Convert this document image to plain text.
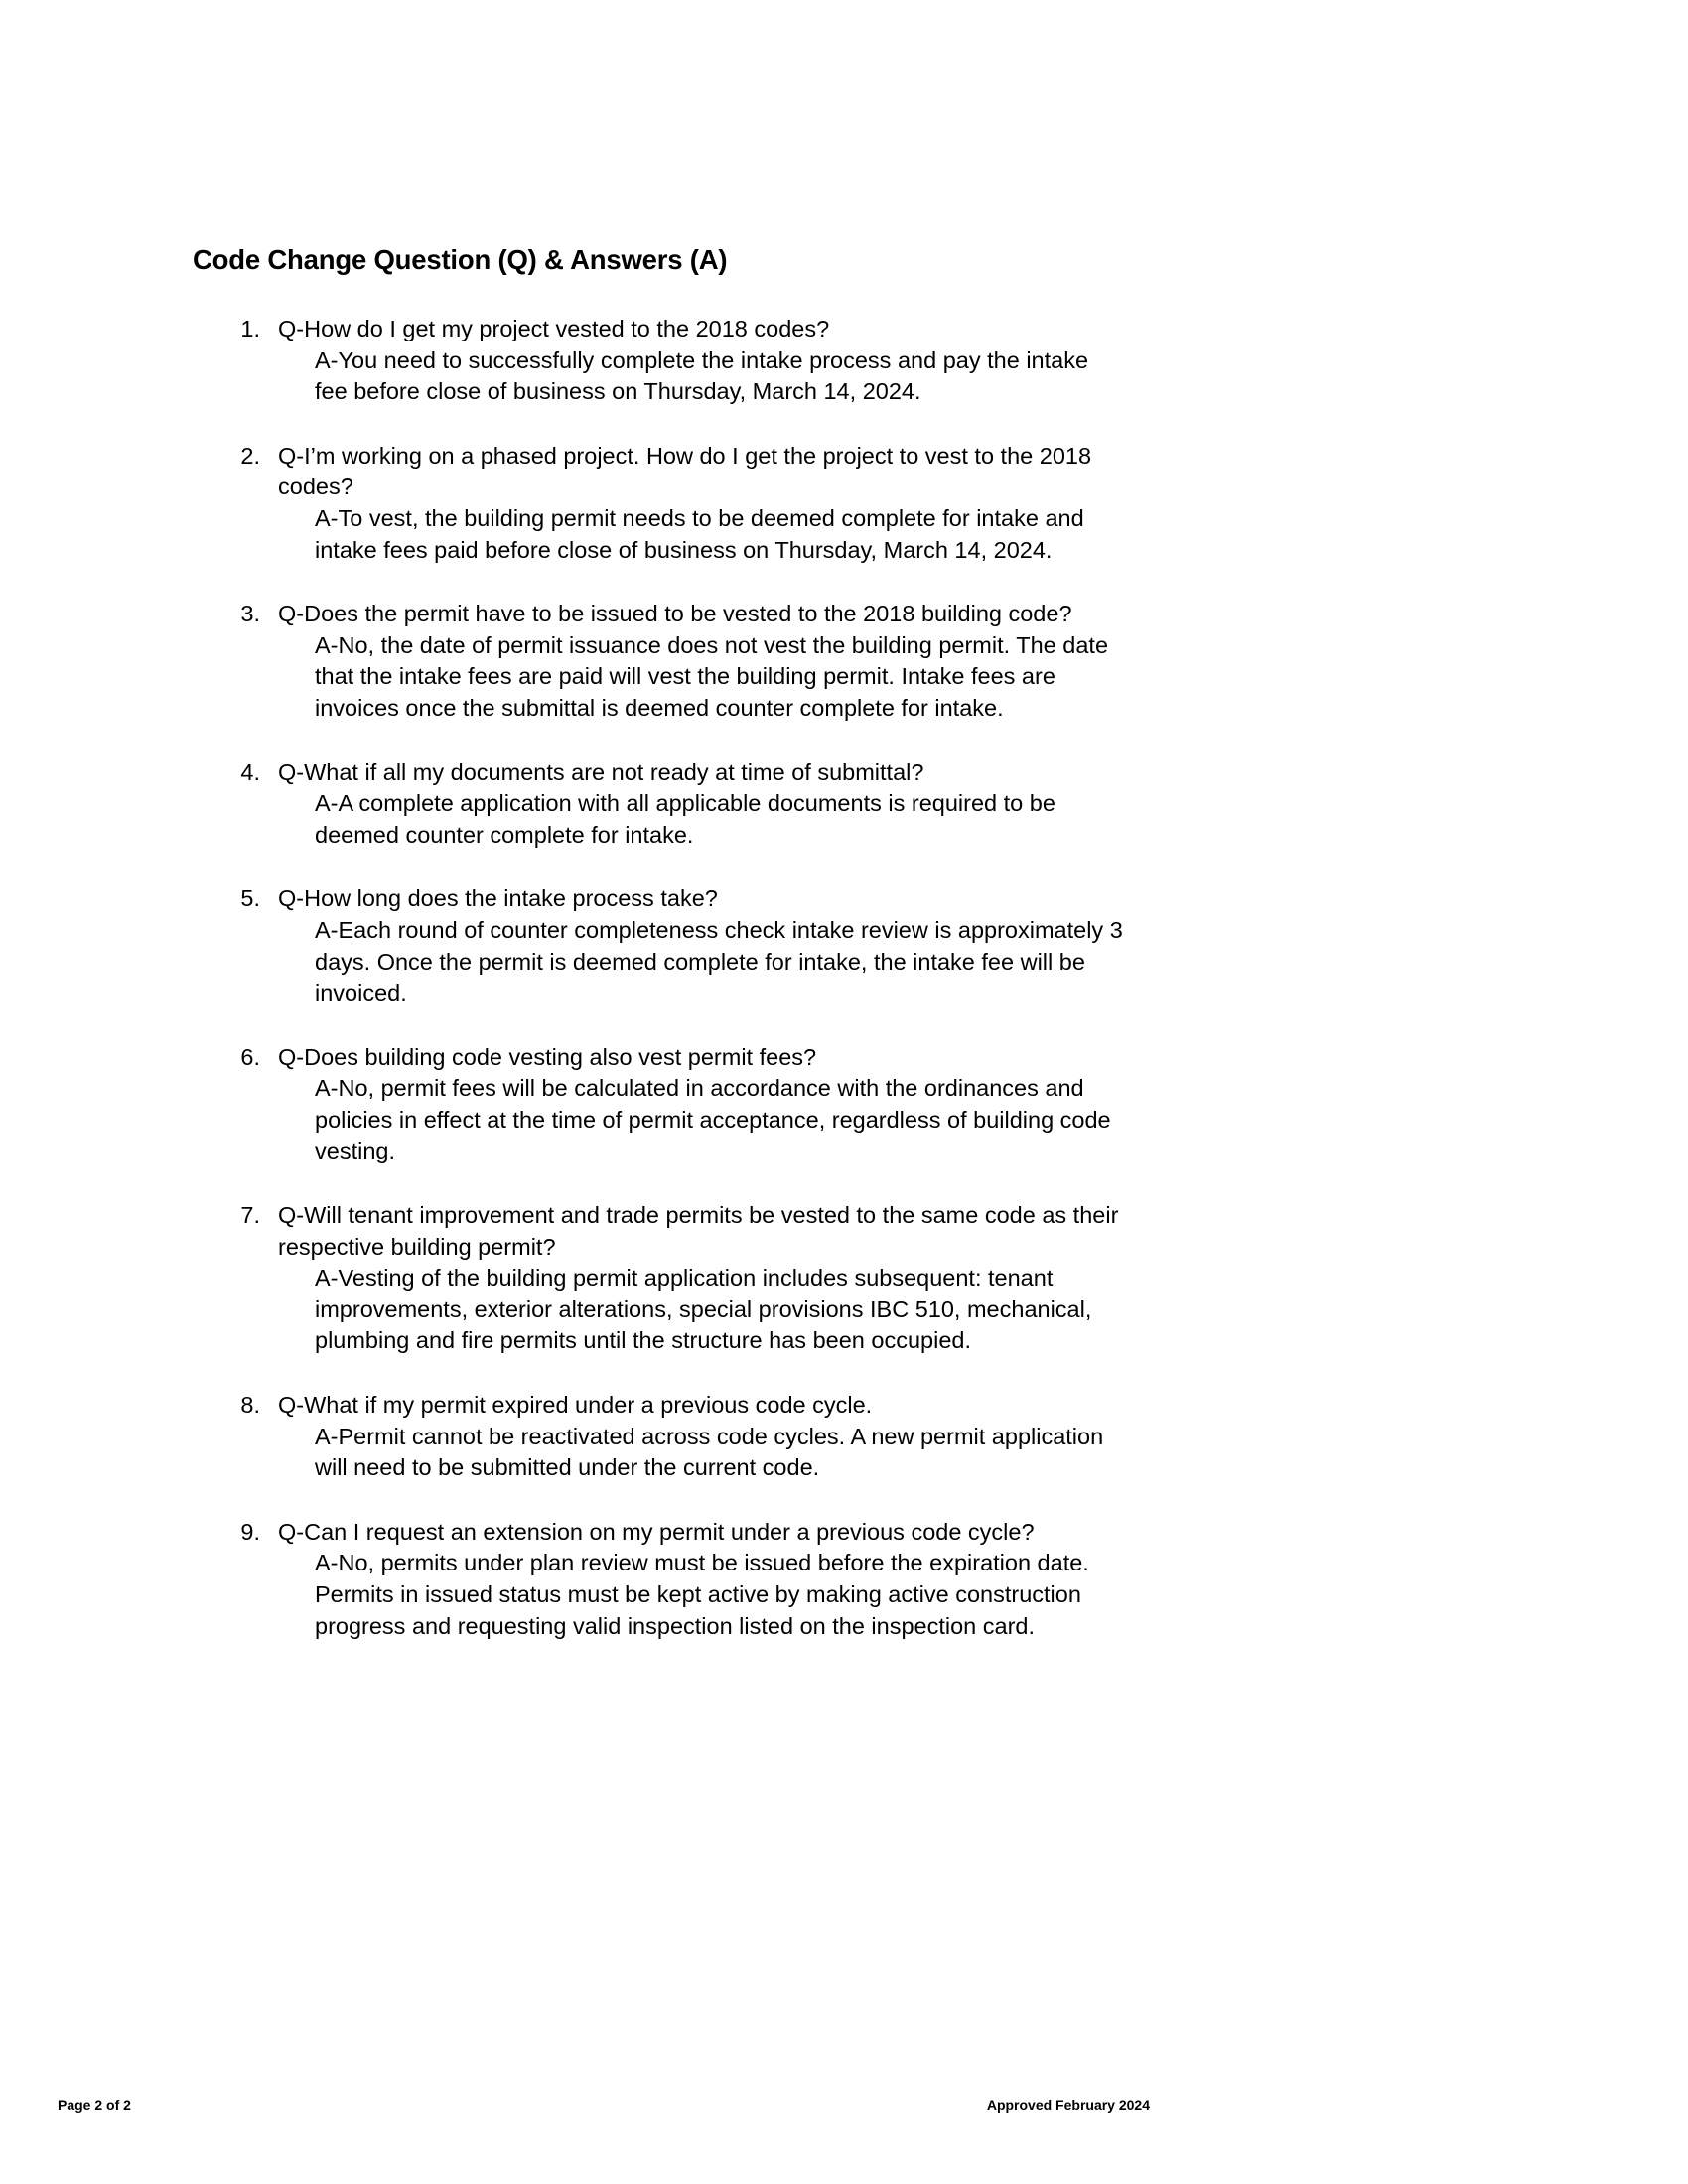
Code Change Question (Q) & Answers (A)
1. Q-How do I get my project vested to the 2018 codes?

A-You need to successfully complete the intake process and pay the intake fee before close of business on Thursday, March 14, 2024.

2. Q-I’m working on a phased project. How do I get the project to vest to the 2018 codes?

A-To vest, the building permit needs to be deemed complete for intake and intake fees paid before close of business on Thursday, March 14, 2024.

3. Q-Does the permit have to be issued to be vested to the 2018 building code?

A-No, the date of permit issuance does not vest the building permit. The date that the intake fees are paid will vest the building permit. Intake fees are invoices once the submittal is deemed counter complete for intake.

4. Q-What if all my documents are not ready at time of submittal?

A-A complete application with all applicable documents is required to be deemed counter complete for intake.

5. Q-How long does the intake process take?

A-Each round of counter completeness check intake review is approximately 3 days. Once the permit is deemed complete for intake, the intake fee will be invoiced.

6. Q-Does building code vesting also vest permit fees?

A-No, permit fees will be calculated in accordance with the ordinances and policies in effect at the time of permit acceptance, regardless of building code vesting.

7. Q-Will tenant improvement and trade permits be vested to the same code as their respective building permit?

A-Vesting of the building permit application includes subsequent: tenant improvements, exterior alterations, special provisions IBC 510, mechanical, plumbing and fire permits until the structure has been occupied.

8. Q-What if my permit expired under a previous code cycle.

A-Permit cannot be reactivated across code cycles. A new permit application will need to be submitted under the current code.

9. Q-Can I request an extension on my permit under a previous code cycle?

A-No, permits under plan review must be issued before the expiration date. Permits in issued status must be kept active by making active construction progress and requesting valid inspection listed on the inspection card.

Page 2 of 2	Approved February 2024
